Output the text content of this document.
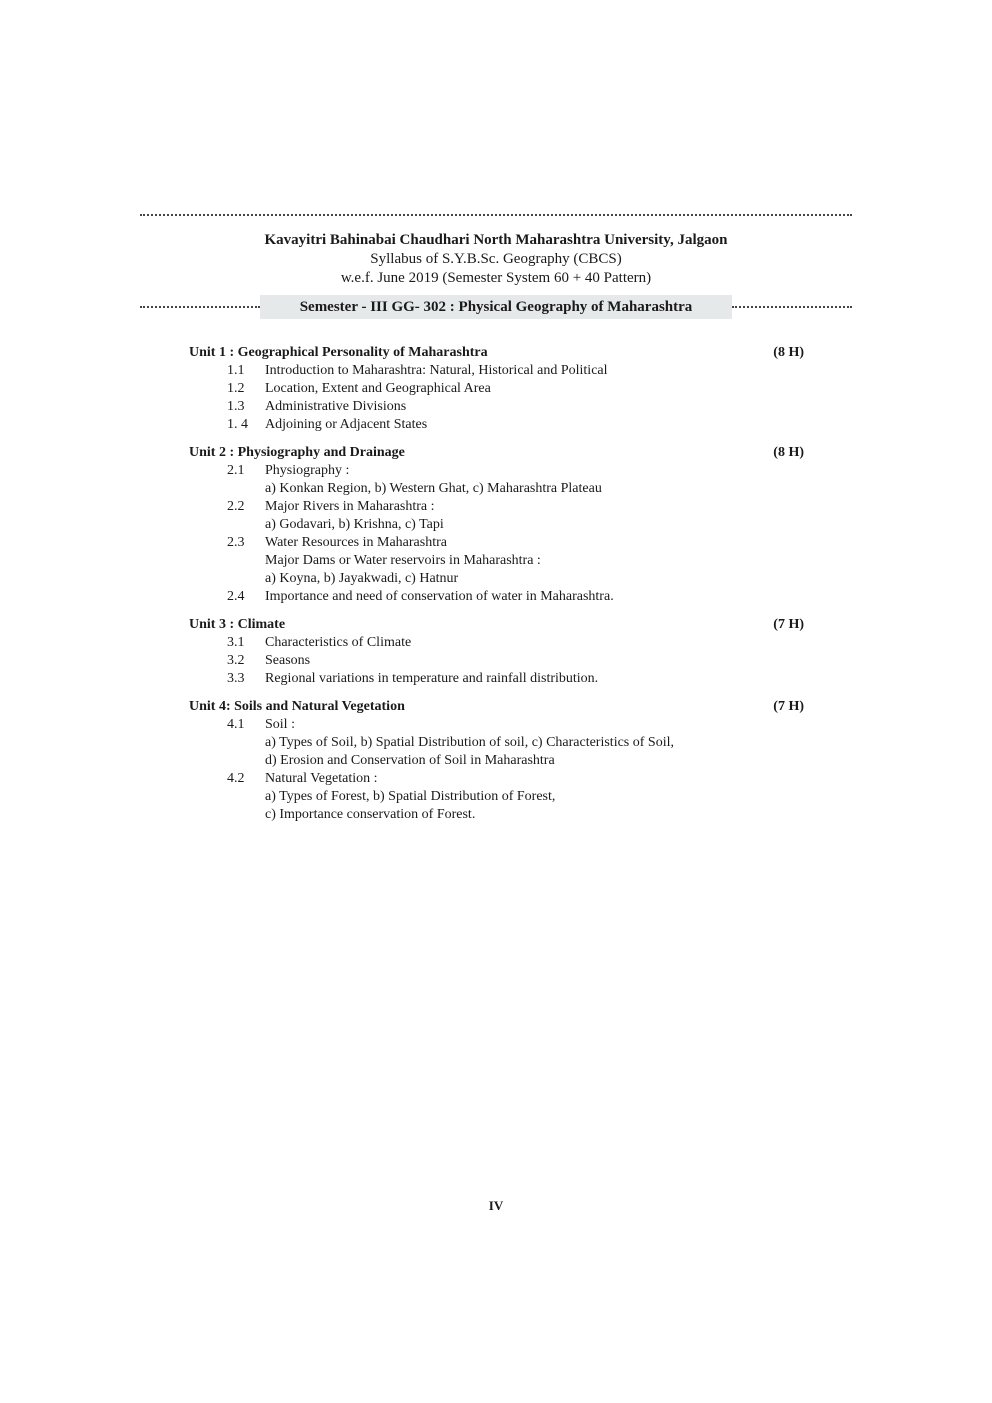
Kavayitri Bahinabai Chaudhari North Maharashtra University, Jalgaon
Syllabus of S.Y.B.Sc. Geography (CBCS)
w.e.f. June 2019 (Semester System 60 + 40 Pattern)
Semester - III GG- 302 : Physical Geography of Maharashtra
Unit 1 : Geographical Personality of Maharashtra	(8 H)
1.1	Introduction to Maharashtra: Natural, Historical and Political
1.2	Location, Extent and Geographical Area
1.3	Administrative Divisions
1. 4	Adjoining or Adjacent States
Unit 2 : Physiography and Drainage	(8 H)
2.1	Physiography :
a) Konkan Region, b) Western Ghat, c) Maharashtra Plateau
2.2	Major Rivers in Maharashtra :
a) Godavari, b) Krishna, c) Tapi
2.3	Water Resources in Maharashtra
Major Dams or Water reservoirs in Maharashtra :
a) Koyna, b) Jayakwadi, c) Hatnur
2.4	Importance and need of conservation of water in Maharashtra.
Unit 3 : Climate	(7 H)
3.1	Characteristics of Climate
3.2	Seasons
3.3	Regional variations in temperature and rainfall distribution.
Unit 4: Soils and Natural Vegetation	(7 H)
4.1	Soil :
a) Types of Soil, b) Spatial Distribution of soil, c) Characteristics of Soil,
d) Erosion and Conservation of Soil in Maharashtra
4.2	Natural Vegetation :
a) Types of Forest, b) Spatial Distribution of Forest,
c) Importance conservation of Forest.
IV
